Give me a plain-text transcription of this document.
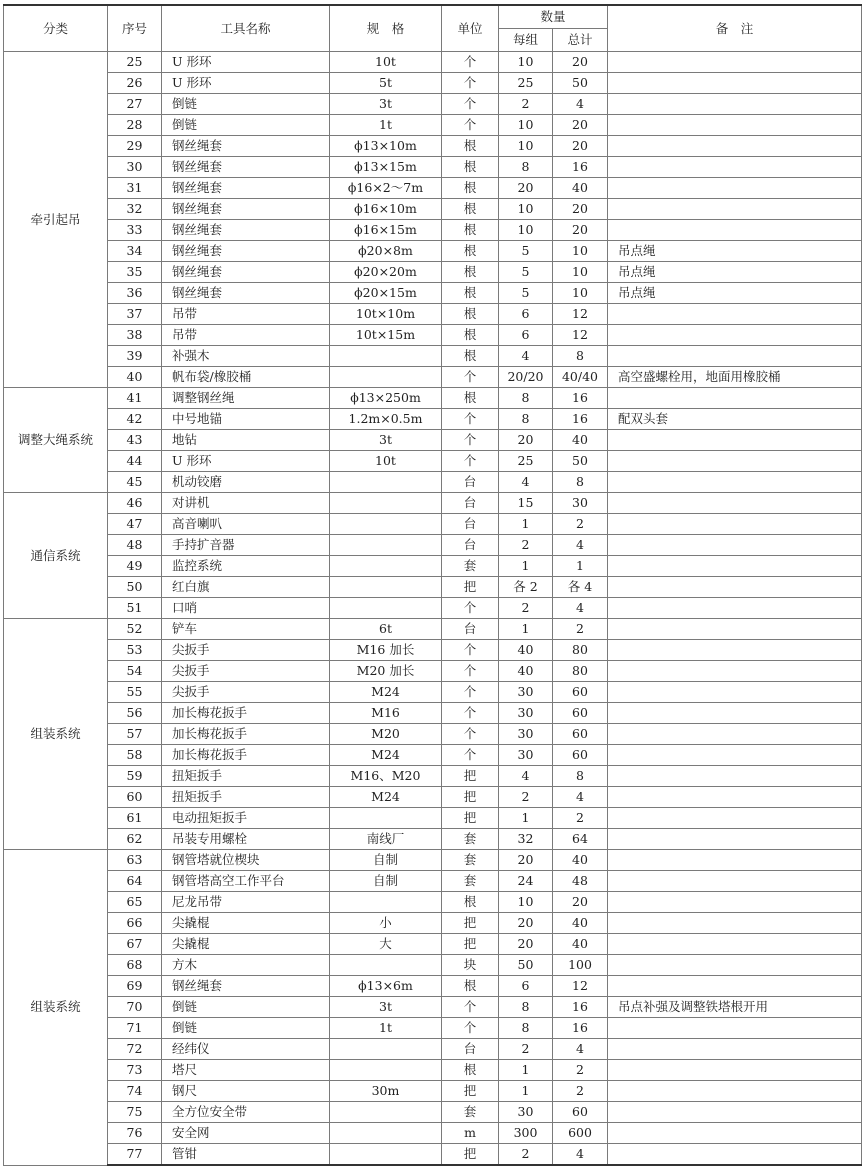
分类	序号	工具名称	规　格	单位	数量		备　注
					每组	总计	
牵引起吊	25	U 形环	10t	个	10	20	
	26	U 形环	5t	个	25	50	
	27	倒链	3t	个	2	4	
	28	倒链	1t	个	10	20	
	29	钢丝绳套	ϕ13×10m	根	10	20	
	30	钢丝绳套	ϕ13×15m	根	8	16	
	31	钢丝绳套	ϕ16×2～7m	根	20	40	
	32	钢丝绳套	ϕ16×10m	根	10	20	
	33	钢丝绳套	ϕ16×15m	根	10	20	
	34	钢丝绳套	ϕ20×8m	根	5	10	吊点绳
	35	钢丝绳套	ϕ20×20m	根	5	10	吊点绳
	36	钢丝绳套	ϕ20×15m	根	5	10	吊点绳
	37	吊带	10t×10m	根	6	12	
	38	吊带	10t×15m	根	6	12	
	39	补强木		根	4	8	
	40	帆布袋/橡胶桶		个	20/20	40/40	高空盛螺栓用，地面用橡胶桶
调整大绳系统	41	调整钢丝绳	ϕ13×250m	根	8	16	
	42	中号地锚	1.2m×0.5m	个	8	16	配双头套
	43	地钻	3t	个	20	40	
	44	U 形环	10t	个	25	50	
	45	机动铰磨		台	4	8	
通信系统	46	对讲机		台	15	30	
	47	高音喇叭		台	1	2	
	48	手持扩音器		台	2	4	
	49	监控系统		套	1	1	
	50	红白旗		把	各 2	各 4	
	51	口哨		个	2	4	
组装系统	52	铲车	6t	台	1	2	
	53	尖扳手	M16 加长	个	40	80	
	54	尖扳手	M20 加长	个	40	80	
	55	尖扳手	M24	个	30	60	
	56	加长梅花扳手	M16	个	30	60	
	57	加长梅花扳手	M20	个	30	60	
	58	加长梅花扳手	M24	个	30	60	
	59	扭矩扳手	M16、M20	把	4	8	
	60	扭矩扳手	M24	把	2	4	
	61	电动扭矩扳手		把	1	2	
	62	吊装专用螺栓	南线厂	套	32	64	
组装系统	63	钢管塔就位楔块	自制	套	20	40	
	64	钢管塔高空工作平台	自制	套	24	48	
	65	尼龙吊带		根	10	20	
	66	尖撬棍	小	把	20	40	
	67	尖撬棍	大	把	20	40	
	68	方木		块	50	100	
	69	钢丝绳套	ϕ13×6m	根	6	12	
	70	倒链	3t	个	8	16	吊点补强及调整铁塔根开用
	71	倒链	1t	个	8	16	
	72	经纬仪		台	2	4	
	73	塔尺		根	1	2	
	74	钢尺	30m	把	1	2	
	75	全方位安全带		套	30	60	
	76	安全网		m	300	600	
	77	管钳		把	2	4	
